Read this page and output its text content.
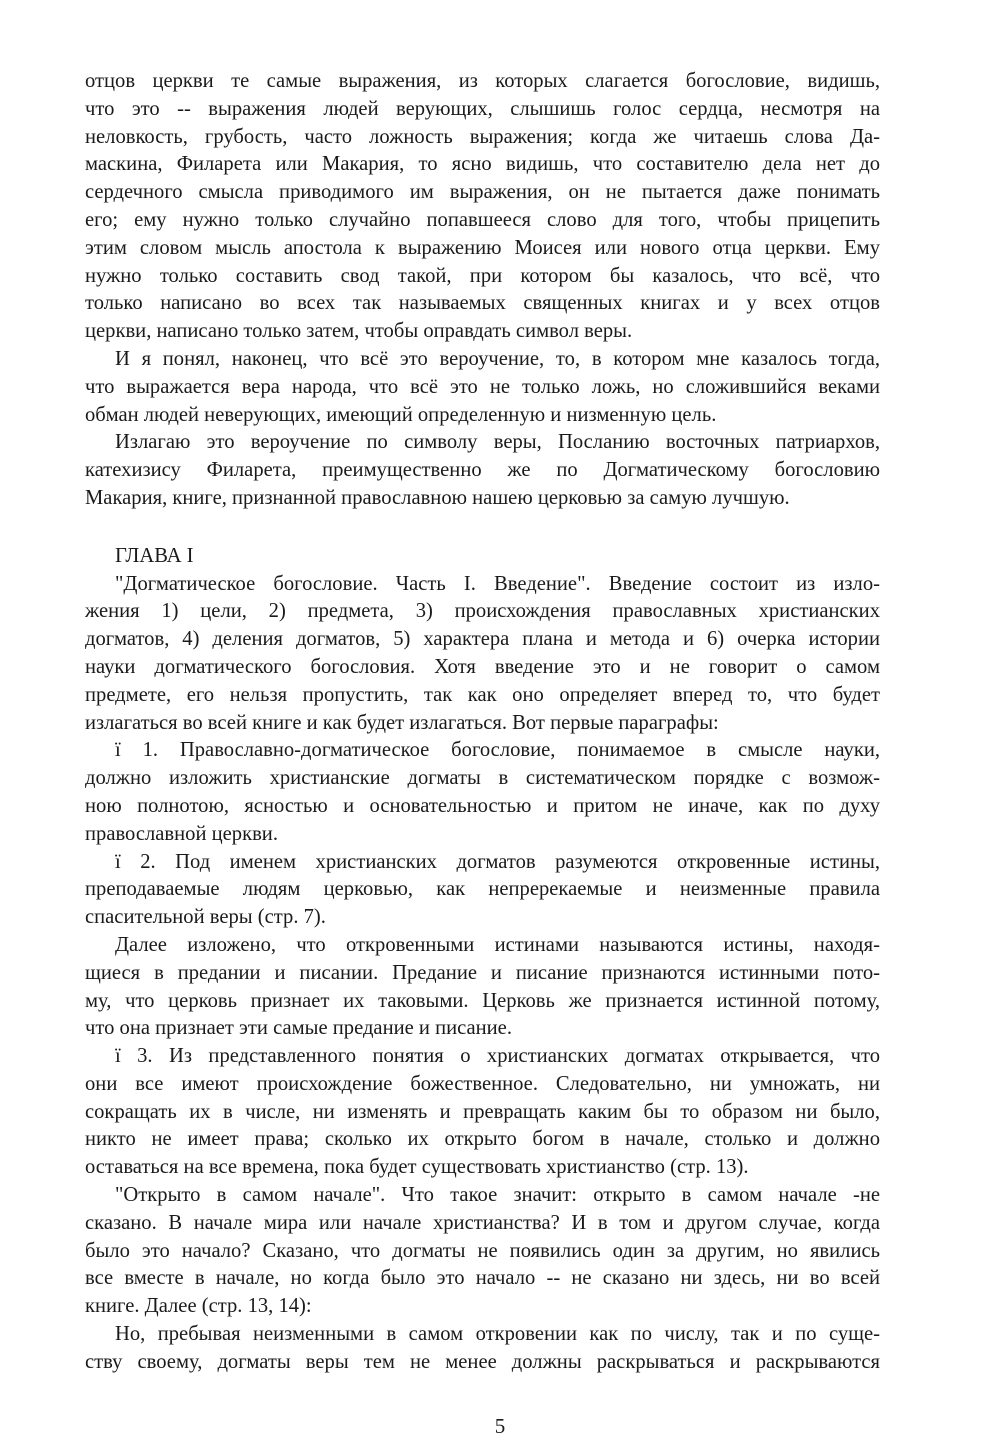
отцов церкви те самые выражения, из которых слагается богословие, видишь,
что это -- выражения людей верующих, слышишь голос сердца, несмотря на
неловкость, грубость, часто ложность выражения; когда же читаешь слова Да-
маскина, Филарета или Макария, то ясно видишь, что составителю дела нет до
сердечного смысла приводимого им выражения, он не пытается даже понимать
его; ему нужно только случайно попавшееся слово для того, чтобы прицепить
этим словом мысль апостола к выражению Моисея или нового отца церкви. Ему
нужно только составить свод такой, при котором бы казалось, что всё, что
только написано во всех так называемых священных книгах и у всех отцов
церкви, написано только затем, чтобы оправдать символ веры.
И я понял, наконец, что всё это вероучение, то, в котором мне казалось тогда,
что выражается вера народа, что всё это не только ложь, но сложившийся веками
обман людей неверующих, имеющий определенную и низменную цель.
Излагаю это вероучение по символу веры, Посланию восточных патриархов,
катехизису Филарета, преимущественно же по Догматическому богословию
Макария, книге, признанной православною нашею церковью за самую лучшую.
ГЛАВА I
"Догматическое богословие. Часть I. Введение". Введение состоит из изло-
жения 1) цели, 2) предмета, 3) происхождения православных христианских
догматов, 4) деления догматов, 5) характера плана и метода и 6) очерка истории
науки догматического богословия. Хотя введение это и не говорит о самом
предмете, его нельзя пропустить, так как оно определяет вперед то, что будет
излагаться во всей книге и как будет излагаться. Вот первые параграфы:
ї 1. Православно-догматическое богословие, понимаемое в смысле науки,
должно изложить христианские догматы в систематическом порядке с возмож-
ною полнотою, ясностью и основательностью и притом не иначе, как по духу
православной церкви.
ї 2. Под именем христианских догматов разумеются откровенные истины,
преподаваемые людям церковью, как непререкаемые и неизменные правила
спасительной веры (стр. 7).
Далее изложено, что откровенными истинами называются истины, находя-
щиеся в предании и писании. Предание и писание признаются истинными пото-
му, что церковь признает их таковыми. Церковь же признается истинной потому,
что она признает эти самые предание и писание.
ї 3. Из представленного понятия о христианских догматах открывается, что
они все имеют происхождение божественное. Следовательно, ни умножать, ни
сокращать их в числе, ни изменять и превращать каким бы то образом ни было,
никто не имеет права; сколько их открыто богом в начале, столько и должно
оставаться на все времена, пока будет существовать христианство (стр. 13).
"Открыто в самом начале". Что такое значит: открыто в самом начале -не
сказано. В начале мира или начале христианства? И в том и другом случае, когда
было это начало? Сказано, что догматы не появились один за другим, но явились
все вместе в начале, но когда было это начало -- не сказано ни здесь, ни во всей
книге. Далее (стр. 13, 14):
Но, пребывая неизменными в самом откровении как по числу, так и по суще-
ству своему, догматы веры тем не менее должны раскрываться и раскрываются
5
